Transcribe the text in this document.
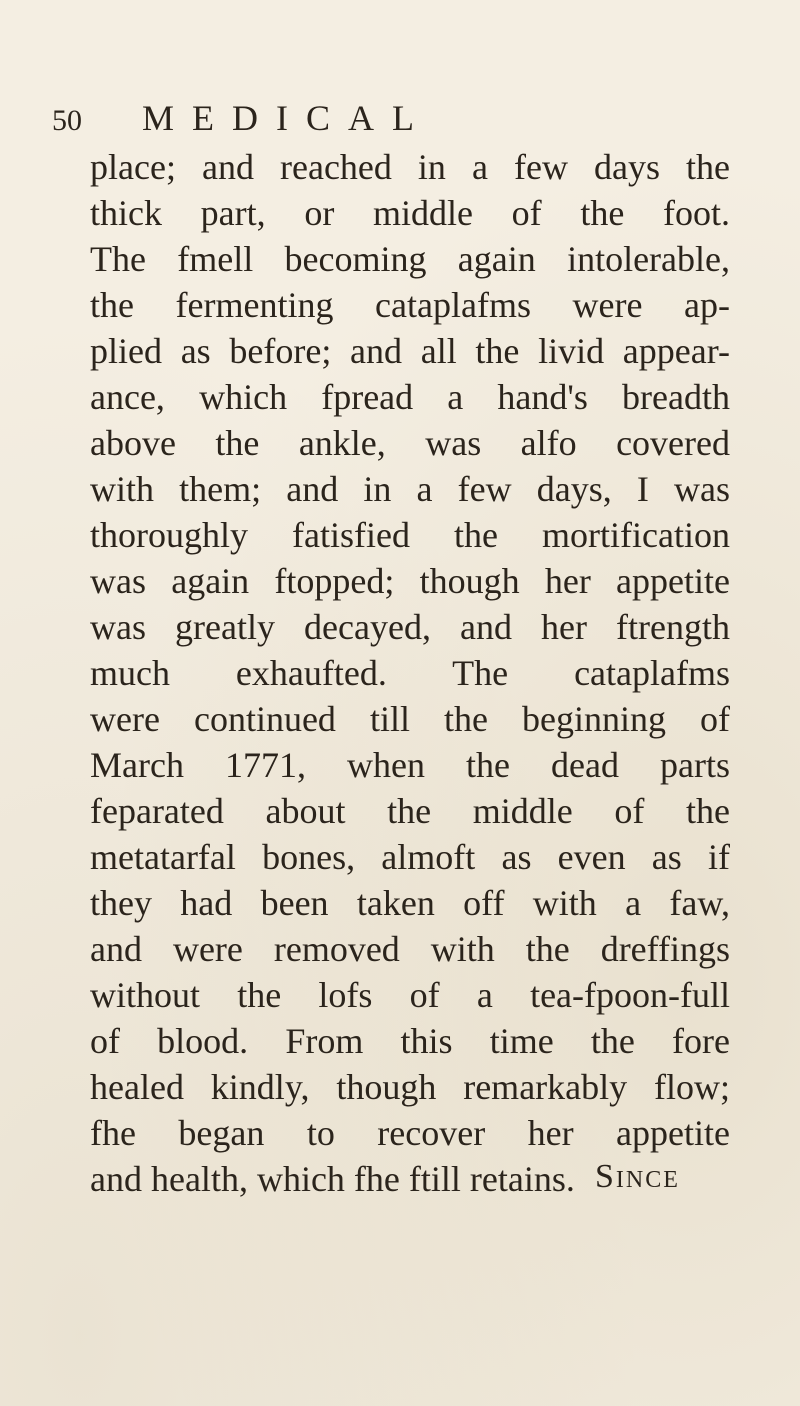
50 MEDICAL
place; and reached in a few days the
thick part, or middle of the foot.
The fmell becoming again intolerable,
the fermenting cataplafms were ap-
plied as before; and all the livid appear-
ance, which fpread a hand's breadth
above the ankle, was alfo covered
with them; and in a few days, I was
thoroughly fatisfied the mortification
was again ftopped; though her appetite
was greatly decayed, and her ftrength
much exhaufted. The cataplafms
were continued till the beginning of
March 1771, when the dead parts
feparated about the middle of the
metatarfal bones, almoft as even as if
they had been taken off with a faw,
and were removed with the dreffings
without the lofs of a tea-fpoon-full
of blood. From this time the fore
healed kindly, though remarkably flow;
fhe began to recover her appetite
and health, which fhe ftill retains. Since
